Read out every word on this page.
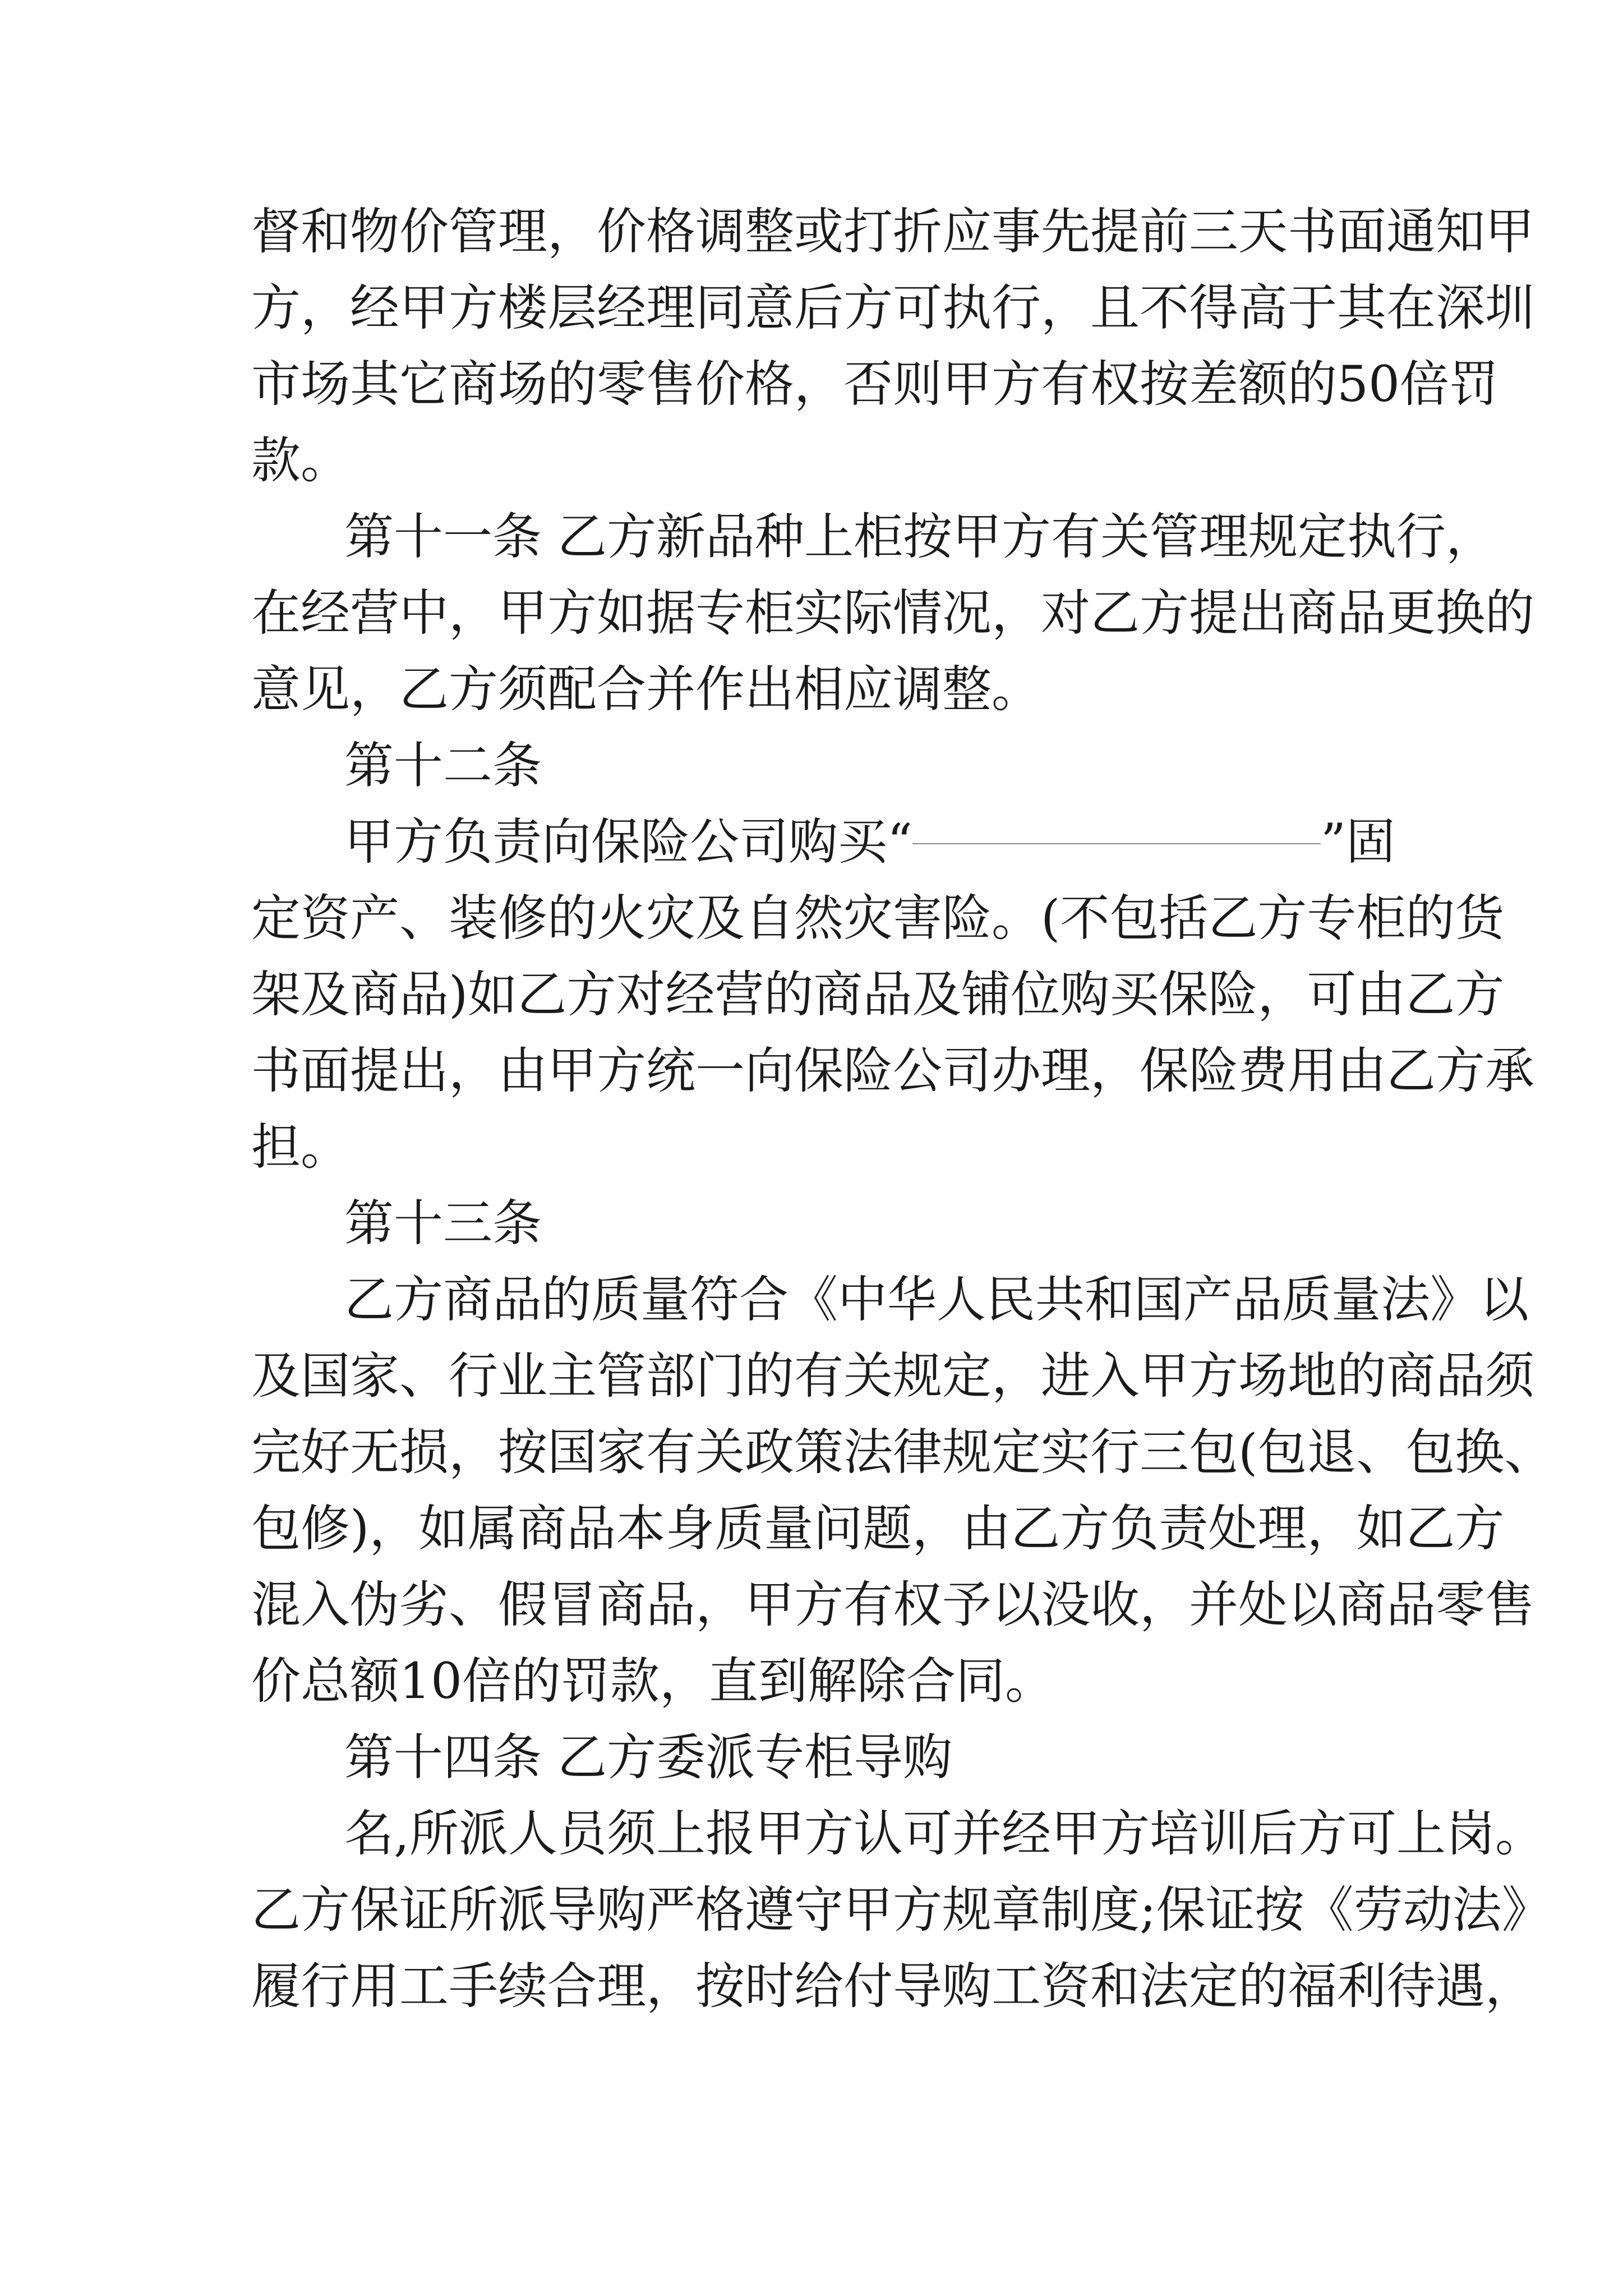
督和物价管理，价格调整或打折应事先提前三天书面通知甲
方，经甲方楼层经理同意后方可执行，且不得高于其在深圳
市场其它商场的零售价格，否则甲方有权按差额的50倍罚
款。
第十一条 乙方新品种上柜按甲方有关管理规定执行，
在经营中，甲方如据专柜实际情况，对乙方提出商品更换的
意见，乙方须配合并作出相应调整。
第十二条
甲方负责向保险公司购买“	”固
定资产、装修的火灾及自然灾害险。(不包括乙方专柜的货
架及商品)如乙方对经营的商品及铺位购买保险，可由乙方
书面提出，由甲方统一向保险公司办理，保险费用由乙方承
担。
第十三条
乙方商品的质量符合《中华人民共和国产品质量法》以
及国家、行业主管部门的有关规定，进入甲方场地的商品须
完好无损，按国家有关政策法律规定实行三包(包退、包换、
包修)，如属商品本身质量问题，由乙方负责处理，如乙方
混入伪劣、假冒商品，甲方有权予以没收，并处以商品零售
价总额10倍的罚款，直到解除合同。
第十四条 乙方委派专柜导购
名,所派人员须上报甲方认可并经甲方培训后方可上岗。
乙方保证所派导购严格遵守甲方规章制度;保证按《劳动法》
履行用工手续合理，按时给付导购工资和法定的福利待遇，
